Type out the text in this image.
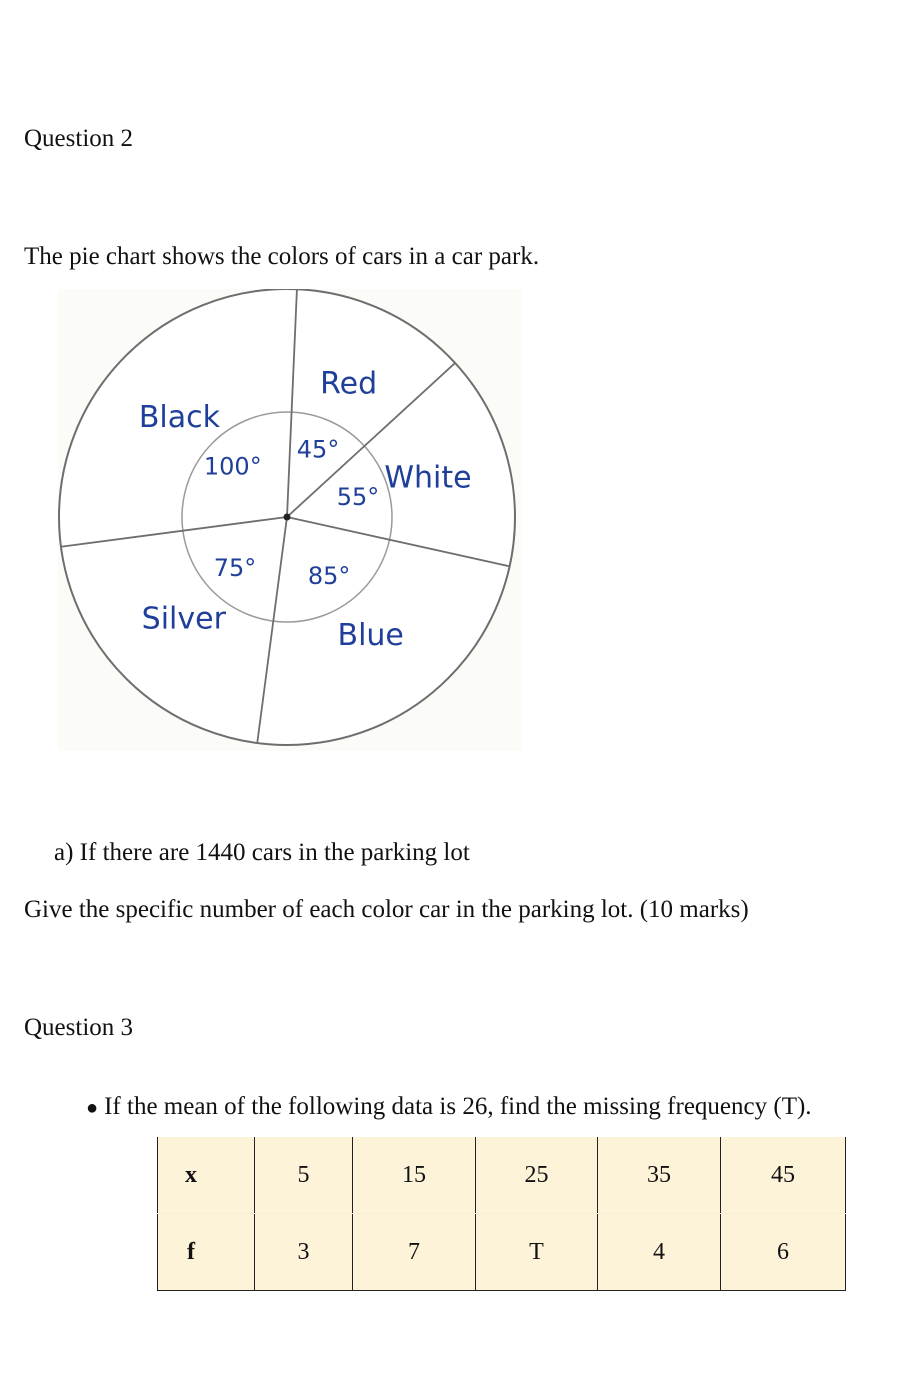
Question 2
The pie chart shows the colors of cars in a car park.
Red
45°
White
55°
Blue
85°
Silver
75°
Black
100°
a) If there are 1440 cars in the parking lot
Give the specific number of each color car in the parking lot. (10 marks)
Question 3
● If the mean of the following data is 26, find the missing frequency (T).
x	5	15	25	35	45
f	3	7	T	4	6
